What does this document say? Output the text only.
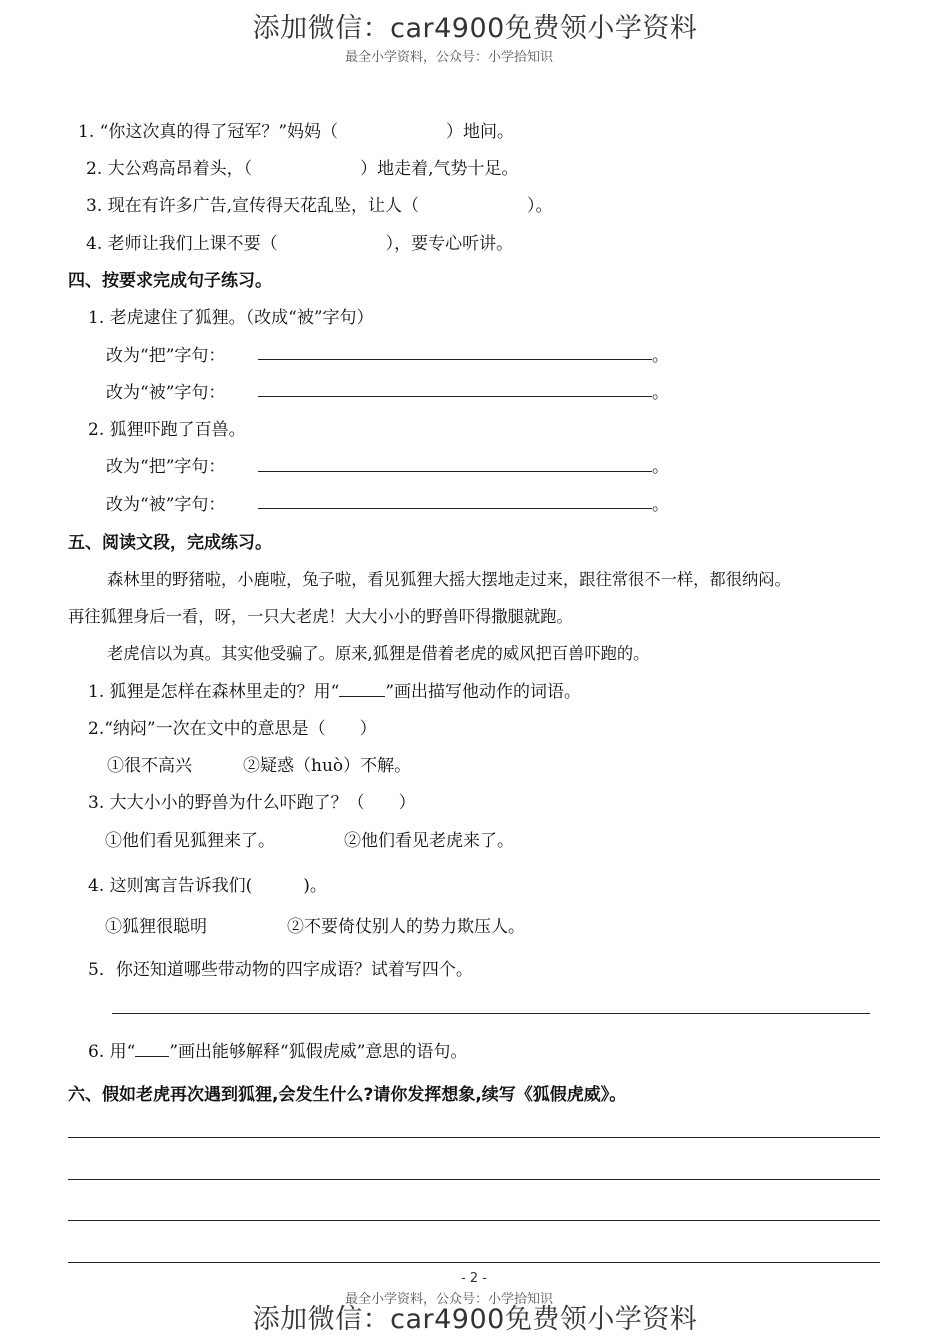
添加微信：car4900免费领小学资料
最全小学资料，公众号：小学拾知识
1. “你这次真的得了冠军？”妈妈（	）地问。
2. 大公鸡高昂着头，（	）地走着,气势十足。
3. 现在有许多广告,宣传得天花乱坠，让人（	）。
4. 老师让我们上课不要（	），要专心听讲。
四、按要求完成句子练习。
1. 老虎逮住了狐狸。（改成“被”字句）
改为“把”字句：	。
改为“被”字句：	。
2. 狐狸吓跑了百兽。
改为“把”字句：	。
改为“被”字句：	。
五、阅读文段，完成练习。
森林里的野猪啦，小鹿啦，兔子啦，看见狐狸大摇大摆地走过来，跟往常很不一样，都很纳闷。
再往狐狸身后一看，呀，一只大老虎！大大小小的野兽吓得撒腿就跑。
老虎信以为真。其实他受骗了。原来,狐狸是借着老虎的威风把百兽吓跑的。
1. 狐狸是怎样在森林里走的？用“	”画出描写他动作的词语。
2.“纳闷”一次在文中的意思是（　　）
①很不高兴	②疑惑（huò）不解。
3. 大大小小的野兽为什么吓跑了？（　　）
①他们看见狐狸来了。	②他们看见老虎来了。
4. 这则寓言告诉我们(　　　)。
①狐狸很聪明	②不要倚仗别人的势力欺压人。
5．你还知道哪些带动物的四字成语？试着写四个。
6. 用“ ”画出能够解释“狐假虎威”意思的语句。
六、假如老虎再次遇到狐狸,会发生什么?请你发挥想象,续写《狐假虎威》。
- 2 -
最全小学资料，公众号：小学拾知识
添加微信：car4900免费领小学资料
